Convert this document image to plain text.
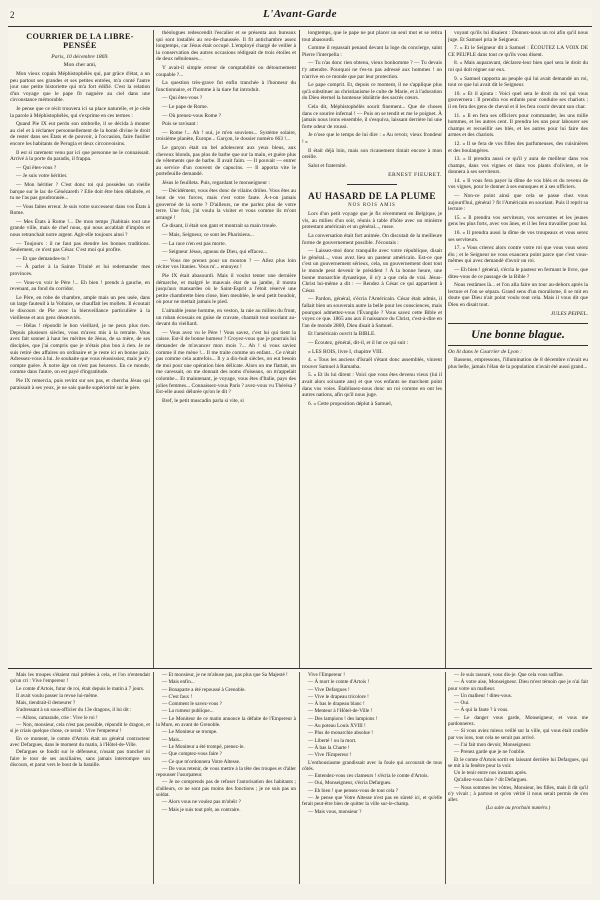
2	L'Avant-Garde
COURRIER DE LA LIBRE-PENSÉE
Paris, 10 décembre 1869.
Mon cher ami,

Mon vieux copain Méphistophélès qui, par grâce d'état, a un peu partout ses grandes et ses petites entrées, m'a conté l'autre jour une petite historiette qui m'a fort édifié. C'est la relation d'un voyage que le pape fit naguère au ciel dans une circonstance mémorable.

Je pense que ce récit trouvera ici sa place naturelle, et je cède la parole à Méphistophélès, qui s'exprime en ces termes :

Quand Pie IX eut perdu son ombrelle, il se décida à monter au ciel et à réclamer personnellement de la bonté divine le droit de rester dans ses États et de pouvoir, à l'occasion, faire fusiller encore les habitants de Perugia et deux circonvoisins.

Il est si rarement venu par ici que personne ne le connaissait. Arrivé à la porte du paradis, il frappa.

— Qui êtes-vous ?

— Je suis votre héritier.

— Mon héritier ? C'est donc toi qui possèdes un vieille barque sur le lac de Génézareth ? Elle doit être bien délabrée, et tu ne l'as pas goudronnée...

— Vous faites erreur. Je suis votre successeur dans vos États à Rome.

— Mes États à Rome !... De mon temps j'habitais tout une grande ville, mais de chef nous, qui nous accablait d'impôts et nous retranchait notre argent. Agit-elle toujours ainsi ?

— Toujours : il ne faut pas étendre les bonnes traditions. Seulement, ce n'est pas César. C'est moi qui profite.

— Et que demandes-tu ?

— À parler à la Sainte Trinité et lui redemander mes provinces.

— Vous-vu voir le Père !... Eh bien ! prends à gauche, en revenant, au fond du corridor.

Le Père, en robe de chambre, ample mais un peu usée, dans un large fauteuil à la Voltaire, se chauffait les mollets. Il écoutait le discours de Pie avec la bienveillance particulière à la vieillesse et aux gens désœuvrés.

— Hélas ! répondit le bon vieillard, je ne peux plus rien. Depuis plusieurs siècles, vous m'avez mis à la retraite. Vous avez fait sonner à haut les mérites de Jésus, de sa mère, de ses disciples, que j'ai compris que je n'étais plus bon à rien. Je ne suis retiré des affaires on ordinaire et je reste ici en bonne paix. Adressez-vous à lui. Je souhaite que vous réussissiez, mais je n'y compte guère. À notre âge on n'est pas heureux. En ce monde, comme dans l'autre, on est payé d'ingratitude.

Pie IX remercia, puis revint sur ses pas, et chercha Jésus qui paraissait à ses yeux, je ne sais quelle supériorité sur le père.

théologues redescendit l'escalier et se présenta aux bureaux qui sont installés au rez-de-chaussée. Il fit antichambre assez longtemps, car Jésus était occupé. L'employé chargé de veiller à la conservation des autres occasions rédigeait de trois étoiles et de deux nébuleuses...

Y avait-il simple erreur de comptabilité ou détournement coupable ?...

La question très-grave fut enfin tranchée à l'honneur du fonctionnaire, et l'homme à la tiare fut introduit.

— Qui êtes-vous ?

— Le pape de Rome.

— Où prenez-vous Rome ?

Puis se ravisant :

— Rome !... Ah ! oui, je m'en souviens... Système solaire, troisième planète, Europe... Garçon, le dossier numéro 663 !...

Le garçon était un bel adolescent aux yeux bleus, aux cheveux blonds, pas plus de barbe que sur la main, et guère plus de vêtements que de barbe. Il avait faim. — Il pouvait — entrer au service d'un couvent de capucins. — Il apporta vite le portefeuille demandé.

Jésus le feuilleta. Puis, regardant le monseigneur :

— Décidément, vous êtes donc de vilains drôles. Vous êtes au bout de vos forces, mais c'est votre faute. À-t-on jamais gouverné de la sorte ? D'ailleurs, ne me parlez plus de votre terre. Une fois, j'ai voulu la visiter et vous comme ils m'ont arrangé !

Ce disant, il était son gant et montrait sa main trouée.

— Mais, Seigneur, ce sont les Pharisiens...

— La race n'en est pas morte.

— Seigneur Jésus, agneau de Dieu, qui effacez...

— Vous me prenez pour un mouton ? — Allez plus loin réciter vos litanies. Vous m'... ennuyez !

Pie IX était abasourdi. Mais il voulut tenter une dernière démarche, et malgré le mauvais état de sa jambe, il monta jusqu'aux mansardes où le Saint-Esprit a l'étoit réservé une petite chambrette bien close, bien meublée, le seul petit boudoir, où pour ne mettait jamais le pied.

L'aimable jeune homme, en veston, la raie au milieu du front, un ruban écossais en guise de cravate, chantait tout souriant au-devant du vieillard.

— Vous avez vu le Père ! Vous savez, c'est lui qui tient la caisse. Est-il de bonne humeur ? Croyez-vous que je pourrais lui demander de m'avancer mon mois ?... Ah ! si vous saviez comme il me mène !... Il me traite comme un enfant... Ce n'était pas comme cela autrefois... Il y a dix-huit siècles, on eut besoin de moi pour une opération bien délicate. Alors on me flattait, on me caressait, on me donnait des noms d'oiseaux, on m'appelait colombe... Et maintenant, je voyage, vous êtes d'Italie, pays des jolies femmes... Connaissez-vous Paris ? avez-vous vu Thérésa ? Est-elle aussi délurée qu'on le dit ?

Bref, le petit muscadin parla si vite, si

longtemps, que le pape ne put placer un seul mot et se retira tout abasourdi.

Comme il repassait penaud devant la loge du concierge, saint Pierre l'interpella :

— Tu n'as donc rien obtenu, vieux bonhomme ? — Tu devais t'y attendre. Pourquoi ne t'es-tu pas adressé aux hommes ! on n'arrive en ce monde que par leur protection.

Le pape comprit. Et, depuis ce moment, il ne s'applique plus qu'à substituer au christianisme le culte de Marie, et à l'adoration du Dieu éternel la honteuse idolâtrie des sacrés cœurs.

Cela dit, Méphistophélès sourit finement... Que de choses dans ce sourire infernal ! — Puis on se tendit et me le poignet. À jamais nous irons ensemble, il s'esquiva, laissant derrière lui une forte odeur de roussi.

Je n'ose que le temps de lui dire : « Au revoir, vieux frondeur ! »

Il était déjà loin, mais son ricanement tintait encore à mon oreille.

Salut et fraternité.

ERNEST FIEURET.
AU HASARD DE LA PLUME
NOS ROIS AMIS

Lors d'un petit voyage que je fis récemment en Belgique, je vis, au milieu d'un soir, réunis à table d'hôte avec un ministre protestant américain et un général..., russe.

La conversation était fort animée. On discutait de la meilleure forme de gouvernement possible. J'écoutais :

— Laissez-moi donc tranquille avec votre république, disait le général..., vous avez lieu un pasteur américain. Est-ce que c'est un gouvernement sérieux, cela, un gouvernement dont tout le monde peut devenir le président ! À la bonne heure, une bonne monarchie dynastique, il n'y a que cela de vrai. Jésus-Christ lui-même a dit : — Rendez à César ce qui appartient à César.

— Pardon, général, s'écria l'Américain. César était admis, il fallait bien un souverain autre la belle pour les consciences, mais pourquoi admettez-vous l'Évangile ? Vous savez cette Bible et voyez ce que. 1865 ans aux il naissance du Christ, c'est-à-dire en l'an de monde 2869, Dieu disait à Samuel.

Et l'américain ouvrit la BIBLE.

— Écoutez, général, dit-il, et il lut ce qui suit :

« LES ROIS, livre I, chapitre VIII.

4. « Tous les anciens d'Israël s'étant donc assemblés, vinrent trouver Samuel à Ramatha.

5. « Et ils lui dirent : Voici que vous êtes devenu vieux (lui il avait alors soixante ans) et que vos enfants ne marchent point dans vos voies. Établissez-nous donc un roi comme en ont les autres nations, afin qu'il nous juge.

6. « Cette proposition déplut à Samuel,

voyant qu'ils lui disaient : Donnez-nous un roi afin qu'il nous juge. Et Samuel pria le Seigneur.

7. « Et le Seigneur dit à Samuel : ÉCOUTEZ LA VOIX DE CE PEUPLE dans tout ce qu'ils vous disent.

8. « Mais auparavant, déclarez-leur bien quel sera le droit du roi qui doit régner sur eux.

9. « Samuel rapporta au peuple qui lui avait demandé un roi, tout ce que lui avait dit le Seigneur.

10. « Et il ajouta : Voici quel sera le droit du roi qui vous gouvernera : Il prendra vos enfants pour conduire ses chariots ; il en fera des gens de cheval et il les fera courir devant son char.

11. « Il en fera ses officiers pour commander, les uns mille hommes, et les autres cent. Il prendra les uns pour labourer ses champs et recueillir ses blés, et les autres pour lui faire des armes et des chariots.

12. « Il se fera de vos filles des parfumeuses, des cuisinières et des boulangères.

13. « Il prendra aussi ce qu'il y aura de meilleur dans vos champs, dans vos vignes et dans vos plants d'oliviers, et le donnera à ses serviteurs.

14. « Il vous fera payer la dîme de vos blés et du revenu de vos vignes, pour le donner à ses eunuques et à ses officiers.

— Non-ce point ainsi que cela se passe chez vous aujourd'hui, général ? fit l'Américain en souriant. Puis il reprit sa lecture :

15. « Il prendra vos serviteurs, vos servantes et les jeunes gens les plus forts, avec vos ânes, et il les fera travailler pour lui.

16. « Il prendra aussi la dîme de vos troupeaux et vous serez ses serviteurs.

17. « Vous crierez alors contre votre roi que vous vous serez élu ; et le Seigneur ne vous exaucera point parce que c'est vous-mêmes qui avez demandé d'avoir un roi.

— Eh bien ! général, s'écria le pasteur en fermant le livre, que dites-vous de ce passage de la Bible ?

Nous restâmes là... et l'on alla faire un tour au-dehors après la lecture et l'on se sépara. Grand sens d'un moralisme, il se mit en doute que Dieu n'ait point voulu tout cela. Mais il vous dit que Dieu en disait tout.

JULES PEIPEL.
Une bonne blague.
On lit dans le Courrier de Lyon :

Bassens, empressons, l'illumination de 8 décembre n'avait eu plus belle, jamais l'élan de la population n'avait été aussi grand...

Mais les troupes s'étaient mal prêtées à cela, et l'on n'entendait qu'un cri : Vive l'empereur !

Le comte d'Artois, futur de roi, était depuis le matin à 7 jours.

Il avait voulu passer la revue lui-même.

Mais, tiendrait-il demeurer ?

S'adressant à un sous-officier du 13e dragons, il lui dit :

— Allons, camarade, crie : Vive le roi !

— Non, monsieur, cela n'est pas possible, répondit le dragon, et si je criais quelque chose, ce serait : Vive l'empereur !

En ce moment, le comte d'Artois était un général contracteur avec Defargues, dans le moment du matin, à l'Hôtel-de-Ville.

Defargues se fondit sur le défenseur, n'osant pas trancher ni faire le tour de ses auxiliaires, sans jamais interrompre son discours, et parut vers le bout de la bataille.

— Et monsieur, je ne m'abuse pas, pas plus que Sa Majesté !

— Mais enfin...

— Bonaparte a été repoussé à Grenoble.

— C'est faux !

— Comment le savez-vous ?

— La rumeur publique...

— Le Moniteur de ce matin annonce la défaite de l'Empereur à la Mure, en avant de Grenoble.

— Le Moniteur se trompe.

— Mais...

— Le Moniteur a été trompé, prenez-le.

— Que comptez-vous faire ?

— Ce que m'ordonnera Votre Altesse.

— De vous retenir, de vous mettre à la tête des troupes et d'aller repousser l'usurpateur.

— Je ne comprends pas de refuser l'autorisation des habitants ; d'ailleurs, ce ne sont pas moins des fonctions ; je ne suis pas un soldat.

— Alors vous ne voulez pas m'obéir ?

— Mais je suis tout prêt, au contraire.

Vive l'Empereur !

— À mort le comte d'Artois !

— Vive Defargues !

— Vive le drapeau tricolore !

— À bas le drapeau blanc !

— Menteur à l'Hôtel-de-Ville !

— Des lampions ! des lampions !

— Au poteau Louis XVIII !

— Plus de monarchie absolue !

— Liberté ! ou la mort.

— À bas la Charte !

— Vive l'Empereur !

L'enthousiasme grandissait avec la foule qui accourait de tous côtés.

— Entendez-vous ces clameurs ! s'écria le comte d'Artois.

— Oui, Monseigneur, s'écria Defargues.

— Eh bien ! que pensez-vous de tout cela ?

— Je pense que Votre Altesse n'est pas en sûreté ici, et qu'elle ferait peut-être bien de quitter la ville sur-le-champ.

— Mais vous, monsieur ?

— Je suis rassuré, vous dis-je. Que cela vous suffise.

— À votre aise, Monseigneur. Dieu m'est témoin que je n'ai fait pour votre un malheur.

— Un malheur ! dites-vous.

— Oui.

— À qui la faute ? à vous.

— Le danger vous garde, Monseigneur, et vous me pardonnerez.

— Si vous aviez mieux veillé sur la ville, qui vous était confiée par vos ions, tout cela ne serait pas arrivé.

— J'ai fait mon devoir, Monseigneur.

— Prenez garde que je ne l'oublie.

Et le comte d'Artois sortit en laissant derrière lui Defargues, qui se mit à la fenêtre pour la voir.

Un le tenir entre nos instants après.

Qu'allez-vous faire ? dit Defargues.

— Nous sommes les vôtres, Monsieur, les filles, mais il dit qu'il n'y vivait ; à partout et qu'en vérité il nous serait permis de s'en aller.

(La suite au prochain numéro.)
